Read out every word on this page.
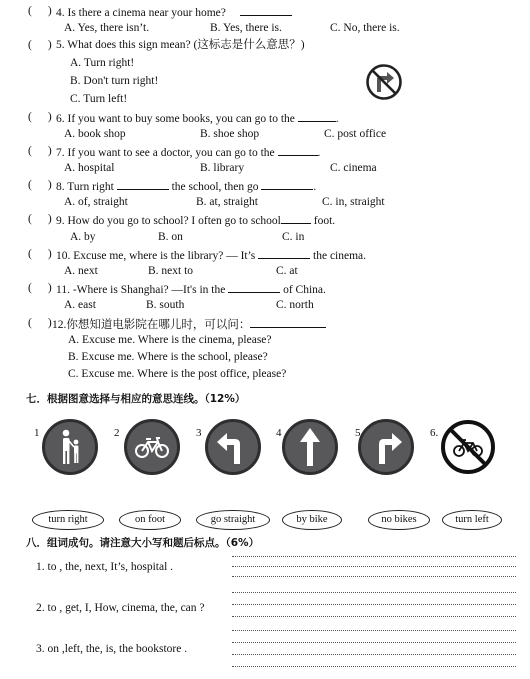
( ) 4. Is there a cinema near your home?
A. Yes, there isn’t.	B. Yes, there is.	C. No, there is.
( ) 5. What does this sign mean? (这标志是什么意思？)
A. Turn right!
B. Don't turn right!
C. Turn left!
( ) 6. If you want to buy some books, you can go to the	.
A. book shop	B. shoe shop	C. post office
( ) 7. If you want to see a doctor, you can go to the	.
A. hospital	B. library	C. cinema
( ) 8. Turn right	the school, then go	.
A. of, straight	B. at, straight	C. in, straight
( ) 9. How do you go to school? I often go to school	foot.
A. by	B. on	C. in
( ) 10. Excuse me, where is the library? — It’s	the cinema.
A. next	B. next to	C. at
( ) 11. -Where is Shanghai? —It's in the	of China.
A. east	B. south	C. north
( ) 12.你想知道电影院在哪儿时，可以问：
A. Excuse me. Where is the cinema, please?
B. Excuse me. Where is the school, please?
C. Excuse me. Where is the post office, please?
七．根据图意选择与相应的意思连线。（12%）
1	2	3	4	5	6.
turn right	on foot	go straight	by bike	no bikes	turn left
八．组词成句。请注意大小写和题后标点。（6%）
1. to , the, next, It’s, hospital .
2. to , get, I, How, cinema, the, can ?
3. on ,left, the, is, the bookstore .
